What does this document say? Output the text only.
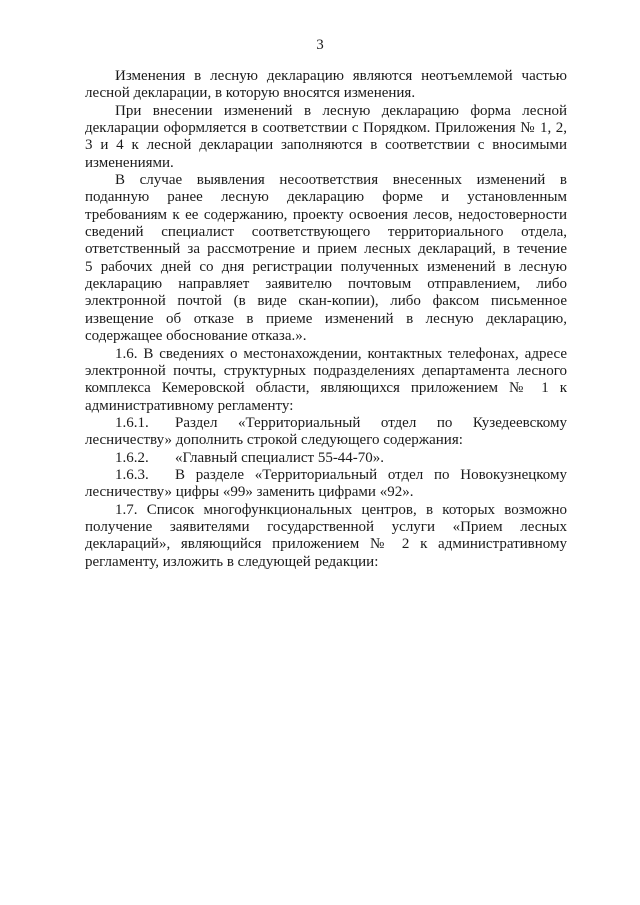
3
Изменения в лесную декларацию являются неотъемлемой частью
лесной декларации, в которую вносятся изменения.
При внесении изменений в лесную декларацию форма лесной
декларации оформляется в соответствии с Порядком. Приложения № 1, 2,
3 и 4 к лесной декларации заполняются в соответствии с вносимыми
изменениями.
В случае выявления несоответствия внесенных изменений в
поданную ранее лесную декларацию форме и установленным
требованиям к ее содержанию, проекту освоения лесов, недостоверности
сведений специалист соответствующего территориального отдела,
ответственный за рассмотрение и прием лесных деклараций, в течение
5 рабочих дней со дня регистрации полученных изменений в лесную
декларацию направляет заявителю почтовым отправлением, либо
электронной почтой (в виде скан-копии), либо факсом письменное
извещение об отказе в приеме изменений в лесную декларацию,
содержащее обоснование отказа.».
1.6. В сведениях о местонахождении, контактных телефонах, адресе
электронной почты, структурных подразделениях департамента лесного
комплекса Кемеровской области, являющихся приложением № 1 к
административному регламенту:
1.6.1.	Раздел «Территориальный отдел по Кузедеевскому
лесничеству» дополнить строкой следующего содержания:
1.6.2.	«Главный специалист 55-44-70».
1.6.3.	В разделе «Территориальный отдел по Новокузнецкому
лесничеству» цифры «99» заменить цифрами «92».
1.7. Список многофункциональных центров, в которых возможно
получение заявителями государственной услуги «Прием лесных
деклараций», являющийся приложением № 2 к административному
регламенту, изложить в следующей редакции:
